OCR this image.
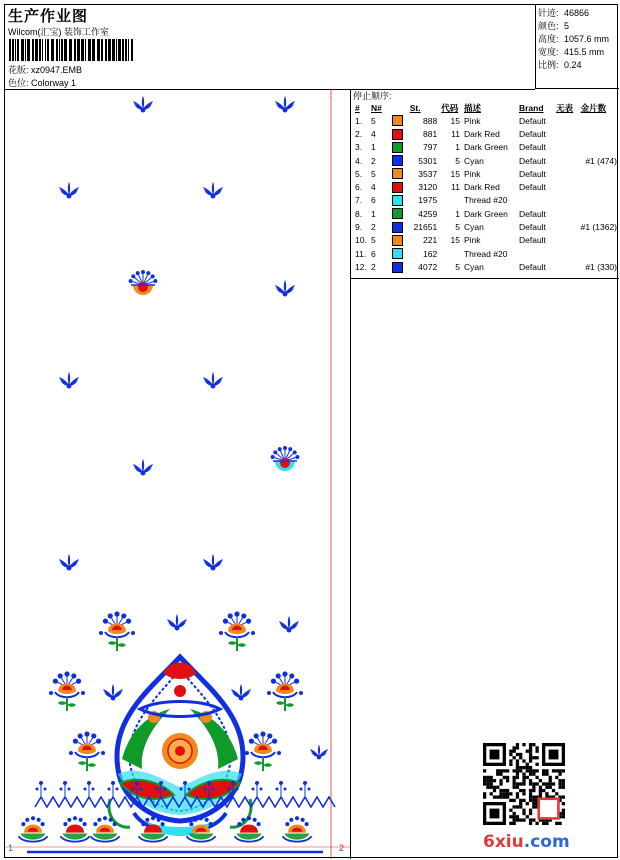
生产作业图
Wilcom(汇宝) 装饰工作室
花版: xz0947.EMB
色位: Colorway 1
针迹: 46866
颜色: 5
高度: 1057.6 mm
宽度: 415.5 mm
比例: 0.24
1	2
: 停止顺序:
#	N#		St.	代码	描述	Brand	无表	金片数
1.	5		888	15	Pink	Default		
2.	4		881	11	Dark Red	Default		
3.	1		797	1	Dark Green	Default		
4.	2		5301	5	Cyan	Default		#1 (474)
5.	5		3537	15	Pink	Default		
6.	4		3120	11	Dark Red	Default		
7.	6		1975		Thread #20			
8.	1		4259	1	Dark Green	Default		
9.	2		21651	5	Cyan	Default		#1 (1362)
10.	5		221	15	Pink	Default		
11.	6		162		Thread #20			
12.	2		4072	5	Cyan	Default		#1 (330)
6xiu.com
